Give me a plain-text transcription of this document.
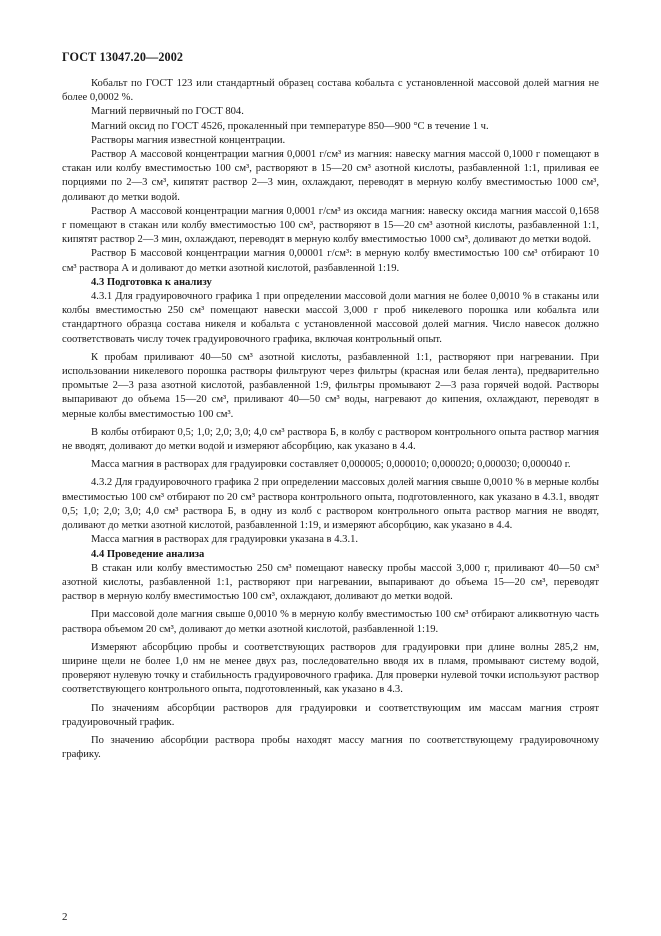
ГОСТ 13047.20—2002

Кобальт по ГОСТ 123 или стандартный образец состава кобальта с установленной массовой долей магния не более 0,0002 %.

Магний первичный по ГОСТ 804.

Магний оксид по ГОСТ 4526, прокаленный при температуре 850—900 °С в течение 1 ч.

Растворы магния известной концентрации.

Раствор А массовой концентрации магния 0,0001 г/см³ из магния: навеску магния массой 0,1000 г помещают в стакан или колбу вместимостью 100 см³, растворяют в 15—20 см³ азотной кислоты, разбавленной 1:1, приливая ее порциями по 2—3 см³, кипятят раствор 2—3 мин, охлаждают, переводят в мерную колбу вместимостью 1000 см³, доливают до метки водой.

Раствор А массовой концентрации магния 0,0001 г/см³ из оксида магния: навеску оксида магния массой 0,1658 г помещают в стакан или колбу вместимостью 100 см³, растворяют в 15—20 см³ азотной кислоты, разбавленной 1:1, кипятят раствор 2—3 мин, охлаждают, переводят в мерную колбу вместимостью 1000 см³, доливают до метки водой.

Раствор Б массовой концентрации магния 0,00001 г/см³: в мерную колбу вместимостью 100 см³ отбирают 10 см³ раствора А и доливают до метки азотной кислотой, разбавленной 1:19.

4.3 Подготовка к анализу

4.3.1 Для градуировочного графика 1 при определении массовой доли магния не более 0,0010 % в стаканы или колбы вместимостью 250 см³ помещают навески массой 3,000 г проб никелевого порошка или кобальта или стандартного образца состава никеля и кобальта с установленной массовой долей магния. Число навесок должно соответствовать числу точек градуировочного графика, включая контрольный опыт.

К пробам приливают 40—50 см³ азотной кислоты, разбавленной 1:1, растворяют при нагревании. При использовании никелевого порошка растворы фильтруют через фильтры (красная или белая лента), предварительно промытые 2—3 раза азотной кислотой, разбавленной 1:9, фильтры промывают 2—3 раза горячей водой. Растворы выпаривают до объема 15—20 см³, приливают 40—50 см³ воды, нагревают до кипения, охлаждают, переводят в мерные колбы вместимостью 100 см³.

В колбы отбирают 0,5; 1,0; 2,0; 3,0; 4,0 см³ раствора Б, в колбу с раствором контрольного опыта раствор магния не вводят, доливают до метки водой и измеряют абсорбцию, как указано в 4.4.

Масса магния в растворах для градуировки составляет 0,000005; 0,000010; 0,000020; 0,000030; 0,000040 г.

4.3.2 Для градуировочного графика 2 при определении массовых долей магния свыше 0,0010 % в мерные колбы вместимостью 100 см³ отбирают по 20 см³ раствора контрольного опыта, подготовленного, как указано в 4.3.1, вводят 0,5; 1,0; 2,0; 3,0; 4,0 см³ раствора Б, в одну из колб с раствором контрольного опыта раствор магния не вводят, доливают до метки азотной кислотой, разбавленной 1:19, и измеряют абсорбцию, как указано в 4.4.

Масса магния в растворах для градуировки указана в 4.3.1.

4.4 Проведение анализа

В стакан или колбу вместимостью 250 см³ помещают навеску пробы массой 3,000 г, приливают 40—50 см³ азотной кислоты, разбавленной 1:1, растворяют при нагревании, выпаривают до объема 15—20 см³, переводят раствор в мерную колбу вместимостью 100 см³, охлаждают, доливают до метки водой.

При массовой доле магния свыше 0,0010 % в мерную колбу вместимостью 100 см³ отбирают аликвотную часть раствора объемом 20 см³, доливают до метки азотной кислотой, разбавленной 1:19.

Измеряют абсорбцию пробы и соответствующих растворов для градуировки при длине волны 285,2 нм, ширине щели не более 1,0 нм не менее двух раз, последовательно вводя их в пламя, промывают систему водой, проверяют нулевую точку и стабильность градуировочного графика. Для проверки нулевой точки используют раствор соответствующего контрольного опыта, подготовленный, как указано в 4.3.

По значениям абсорбции растворов для градуировки и соответствующим им массам магния строят градуировочный график.

По значению абсорбции раствора пробы находят массу магния по соответствующему градуировочному графику.

2
